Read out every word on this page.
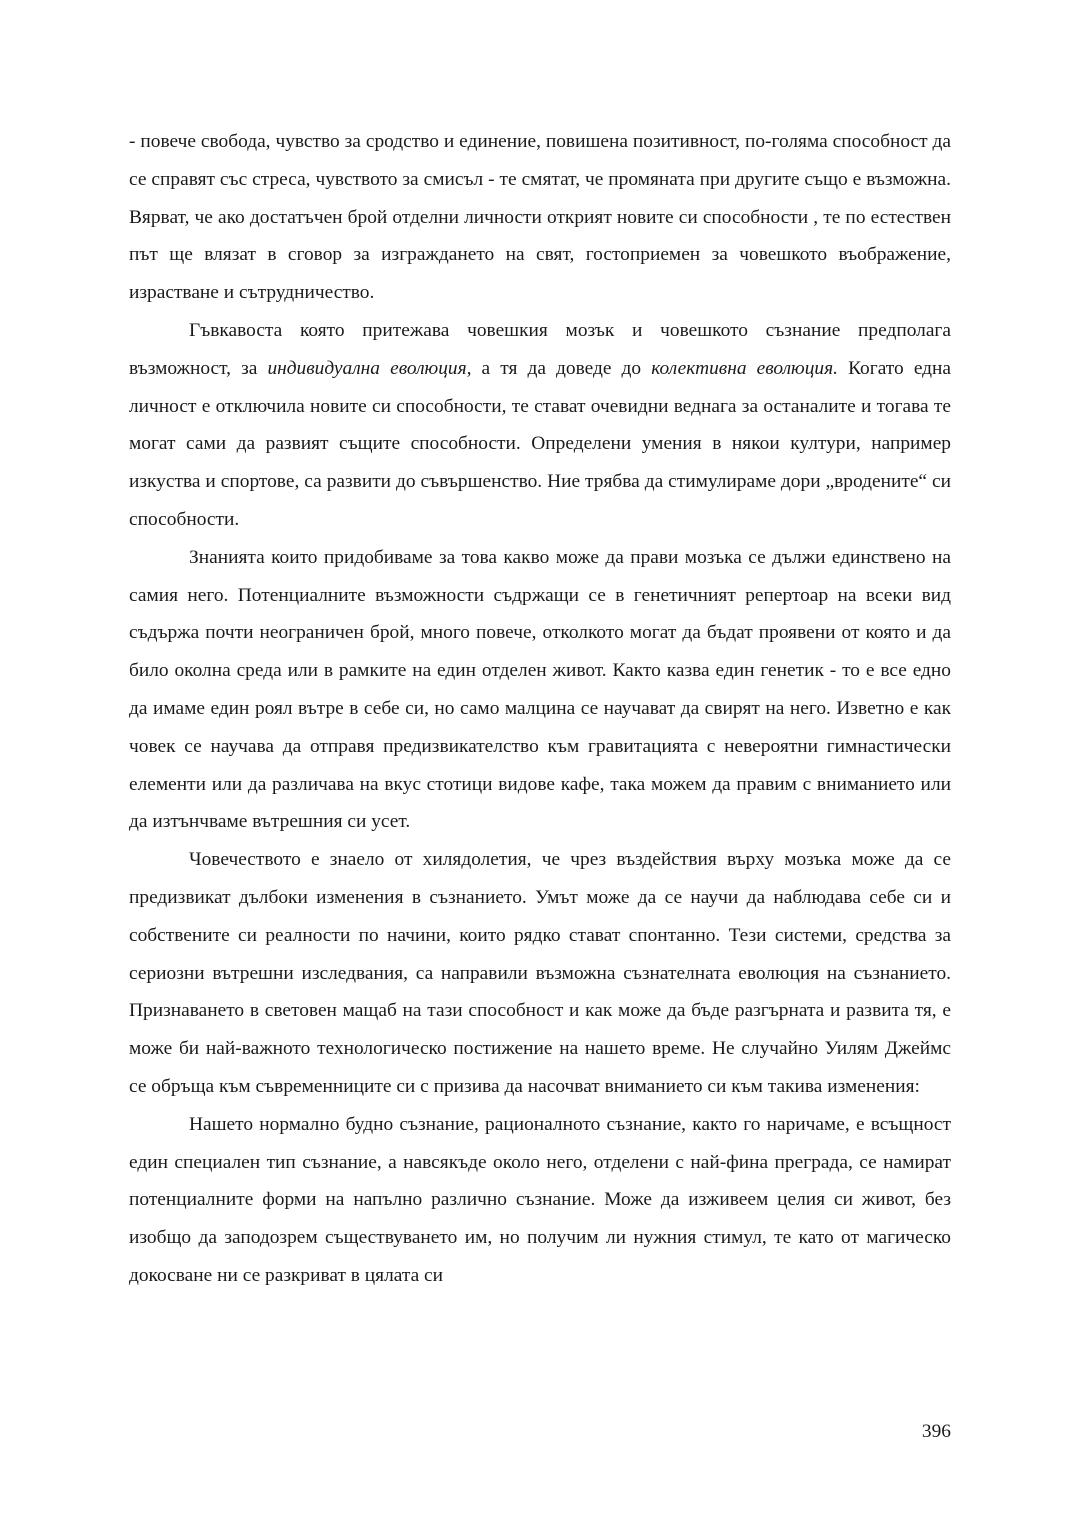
- повече свобода, чувство за сродство и единение, повишена позитивност, по-голяма способност да се справят със стреса, чувството за смисъл - те смятат, че промяната при другите също е възможна. Вярват, че ако достатъчен брой отделни личности открият новите си способности , те по естествен път ще влязат в сговор за изграждането на свят, гостоприемен за човешкото въображение, израстване и сътрудничество.

Гъвкавоста която притежава човешкия мозък и човешкото съзнание предполага възможност, за индивидуална еволюция, а тя да доведе до колективна еволюция. Когато една личност е отключила новите си способности, те стават очевидни веднага за останалите и тогава те могат сами да развият същите способности. Определени умения в някои култури, например изкуства и спортове, са развити до съвършенство. Ние трябва да стимулираме дори „вродените“ си способности.

Знанията които придобиваме за това какво може да прави мозъка се дължи единствено на самия него. Потенциалните възможности съдржащи се в генетичният репертоар на всеки вид съдържа почти неограничен брой, много повече, отколкото могат да бъдат проявени от която и да било околна среда или в рамките на един отделен живот. Както казва един генетик - то е все едно да имаме един роял вътре в себе си, но само малцина се научават да свирят на него. Изветно е как човек се научава да отправя предизвикателство към гравитацията с невероятни гимнастически елементи или да различава на вкус стотици видове кафе, така можем да правим с вниманието или да изтънчваме вътрешния си усет.

Човечеството е знаело от хилядолетия, че чрез въздействия върху мозъка може да се предизвикат дълбоки изменения в съзнанието. Умът може да се научи да наблюдава себе си и собствените си реалности по начини, които рядко стават спонтанно. Тези системи, средства за сериозни вътрешни изследвания, са направили възможна съзнателната еволюция на съзнанието. Признаването в световен мащаб на тази способност и как може да бъде разгърната и развита тя, е може би най-важното технологическо постижение на нашето време. Не случайно Уилям Джеймс се обръща към съвременниците си с призива да насочват вниманието си към такива изменения:

Нашето нормално будно съзнание, рационалното съзнание, както го наричаме, е всъщност един специален тип съзнание, а навсякъде около него, отделени с най-фина преграда, се намират потенциалните форми на напълно различно съзнание. Може да изживеем целия си живот, без изобщо да заподозрем съществуването им, но получим ли нужния стимул, те като от магическо докосване ни се разкриват в цялата си

396
